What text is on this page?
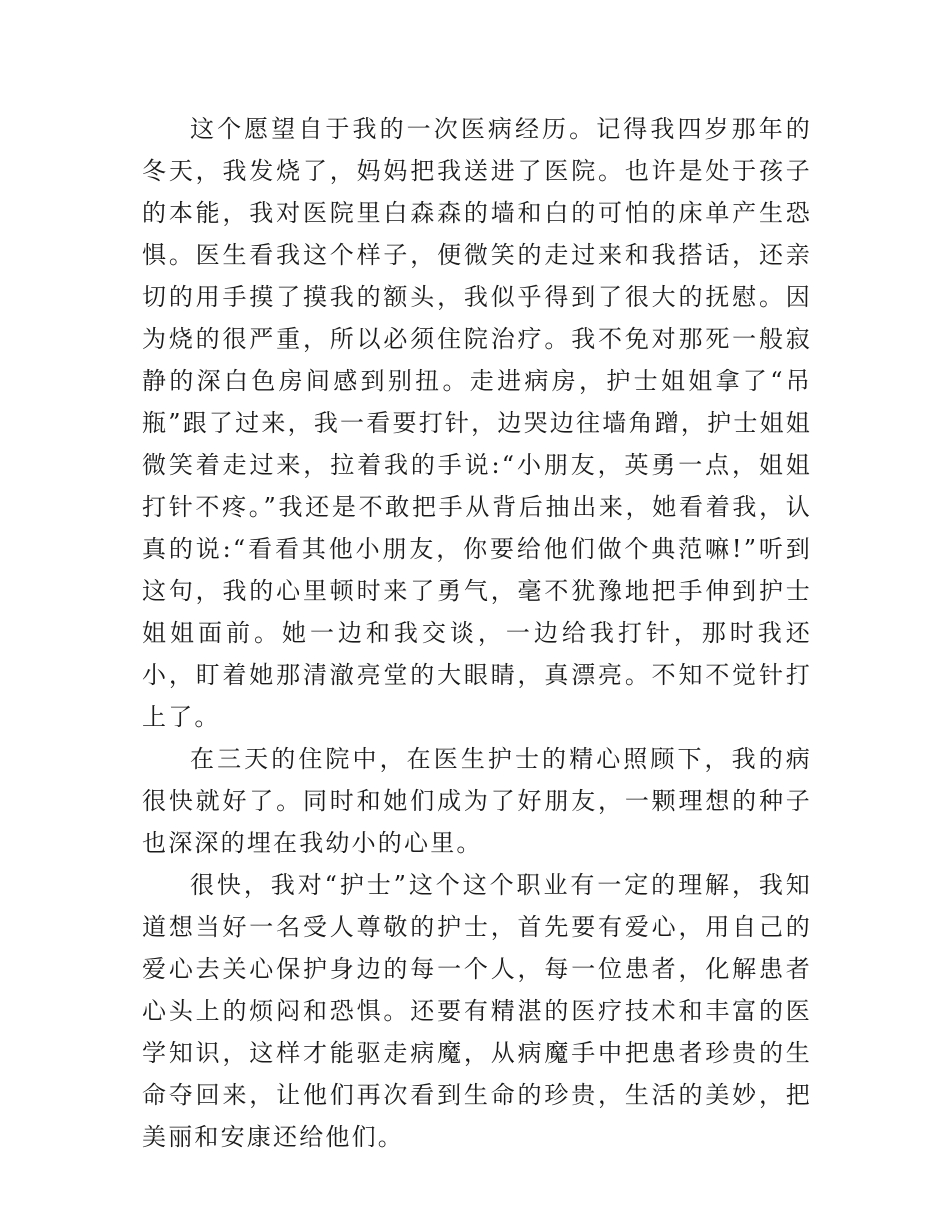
这个愿望自于我的一次医病经历。记得我四岁那年的冬天，我发烧了，妈妈把我送进了医院。也许是处于孩子的本能，我对医院里白森森的墙和白的可怕的床单产生恐惧。医生看我这个样子，便微笑的走过来和我搭话，还亲切的用手摸了摸我的额头，我似乎得到了很大的抚慰。因为烧的很严重，所以必须住院治疗。我不免对那死一般寂静的深白色房间感到别扭。走进病房，护士姐姐拿了“吊瓶”跟了过来，我一看要打针，边哭边往墙角蹭，护士姐姐微笑着走过来，拉着我的手说:“小朋友，英勇一点，姐姐打针不疼。”我还是不敢把手从背后抽出来，她看着我，认真的说:“看看其他小朋友，你要给他们做个典范嘛!”听到这句，我的心里顿时来了勇气，毫不犹豫地把手伸到护士姐姐面前。她一边和我交谈，一边给我打针，那时我还小，盯着她那清澈亮堂的大眼睛，真漂亮。不知不觉针打上了。

在三天的住院中，在医生护士的精心照顾下，我的病很快就好了。同时和她们成为了好朋友，一颗理想的种子也深深的埋在我幼小的心里。

很快，我对“护士”这个这个职业有一定的理解，我知道想当好一名受人尊敬的护士，首先要有爱心，用自己的爱心去关心保护身边的每一个人，每一位患者，化解患者心头上的烦闷和恐惧。还要有精湛的医疗技术和丰富的医学知识，这样才能驱走病魔，从病魔手中把患者珍贵的生命夺回来，让他们再次看到生命的珍贵，生活的美妙，把美丽和安康还给他们。
